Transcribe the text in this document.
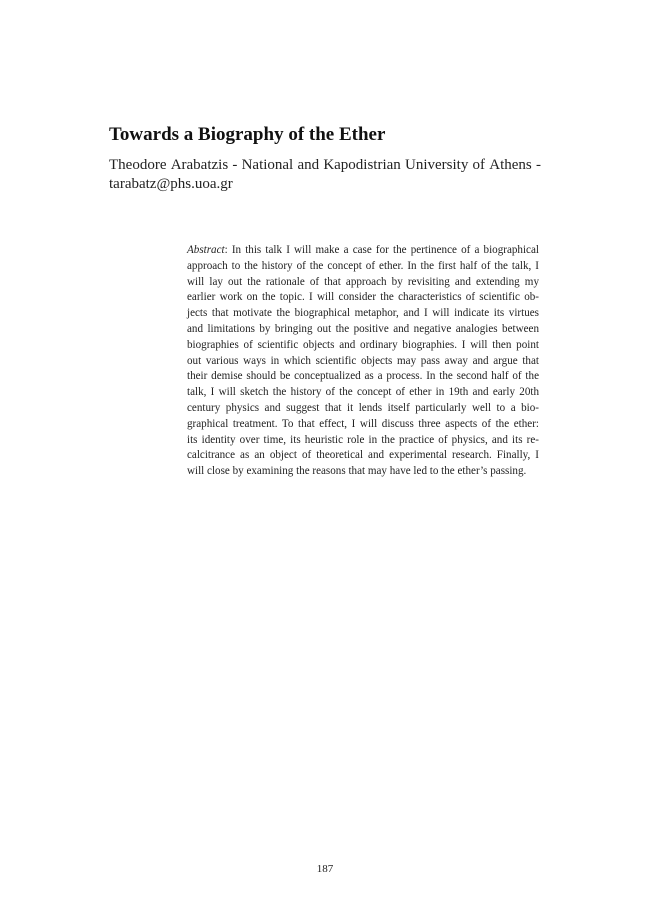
Towards a Biography of the Ether
Theodore Arabatzis - National and Kapodistrian University of Athens -
tarabatz@phs.uoa.gr
Abstract: In this talk I will make a case for the pertinence of a biographical
approach to the history of the concept of ether. In the first half of the talk, I
will lay out the rationale of that approach by revisiting and extending my
earlier work on the topic. I will consider the characteristics of scientific ob-
jects that motivate the biographical metaphor, and I will indicate its virtues
and limitations by bringing out the positive and negative analogies between
biographies of scientific objects and ordinary biographies. I will then point
out various ways in which scientific objects may pass away and argue that
their demise should be conceptualized as a process. In the second half of the
talk, I will sketch the history of the concept of ether in 19th and early 20th
century physics and suggest that it lends itself particularly well to a bio-
graphical treatment. To that effect, I will discuss three aspects of the ether:
its identity over time, its heuristic role in the practice of physics, and its re-
calcitrance as an object of theoretical and experimental research. Finally, I
will close by examining the reasons that may have led to the ether’s passing.
187
